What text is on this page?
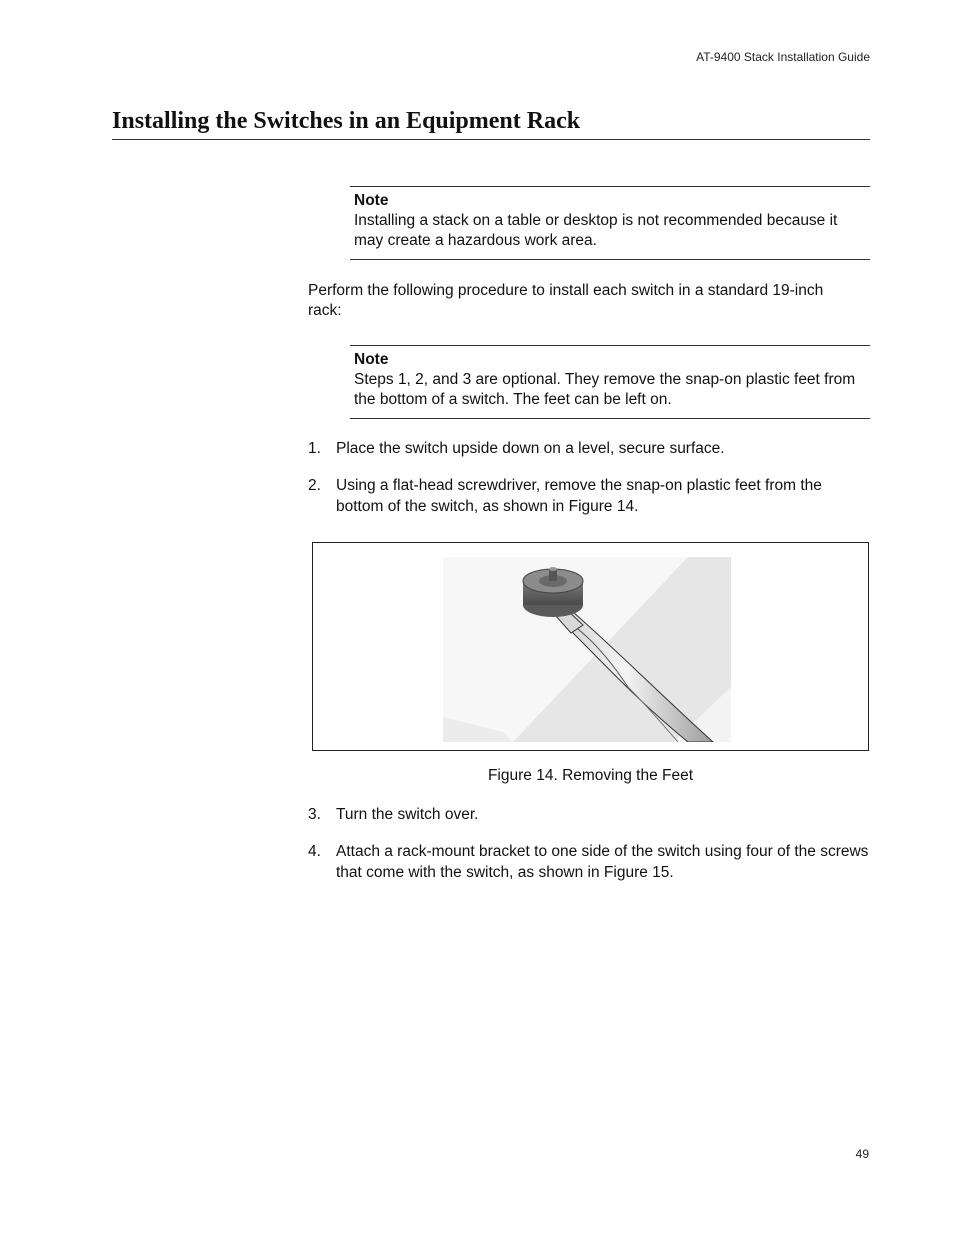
AT-9400 Stack Installation Guide
Installing the Switches in an Equipment Rack
Note
Installing a stack on a table or desktop is not recommended because it may create a hazardous work area.
Perform the following procedure to install each switch in a standard 19-inch rack:
Note
Steps 1, 2, and 3 are optional. They remove the snap-on plastic feet from the bottom of a switch. The feet can be left on.
1. Place the switch upside down on a level, secure surface.
2. Using a flat-head screwdriver, remove the snap-on plastic feet from the bottom of the switch, as shown in Figure 14.
Figure 14. Removing the Feet
3. Turn the switch over.
4. Attach a rack-mount bracket to one side of the switch using four of the screws that come with the switch, as shown in Figure 15.
49
